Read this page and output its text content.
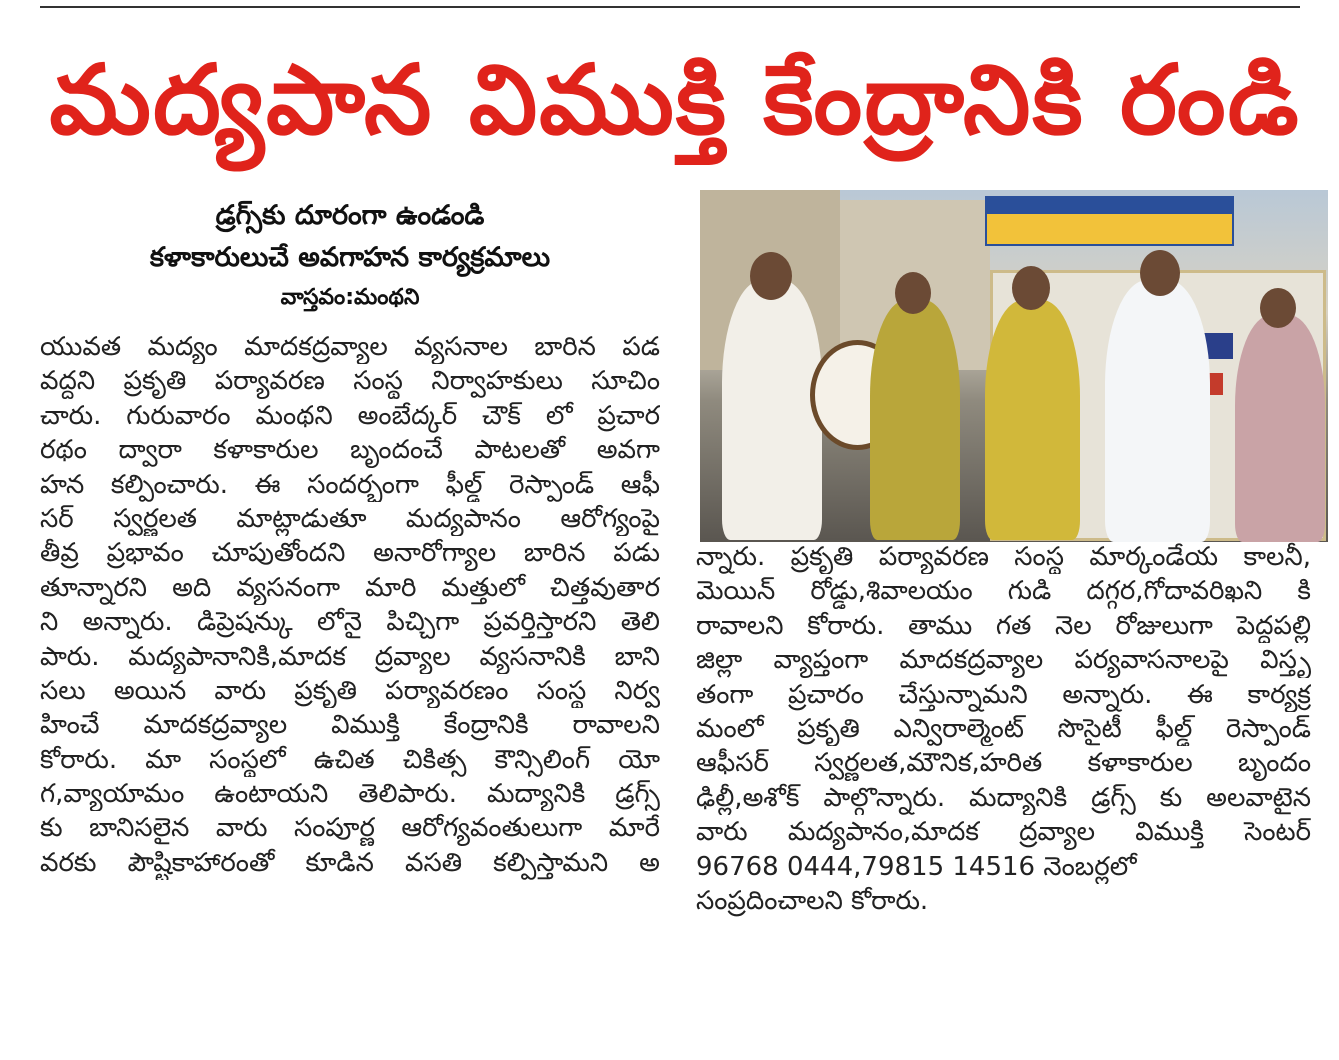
మద్యపాన విముక్తి కేంద్రానికి రండి
డ్రగ్స్‌కు దూరంగా ఉండండి
కళాకారులుచే అవగాహన కార్యక్రమాలు
వాస్తవం:మంథని
యువత మద్యం మాదకద్రవ్యాల వ్యసనాల బారిన పడ
వద్దని ప్రకృతి పర్యావరణ సంస్థ నిర్వాహకులు సూచిం
చారు. గురువారం మంథని అంబేద్కర్ చౌక్ లో ప్రచార
రథం ద్వారా కళాకారుల బృందంచే పాటలతో అవగా
హన కల్పించారు. ఈ సందర్భంగా ఫీల్డ్ రెస్పాండ్ ఆఫీ
సర్ స్వర్ణలత మాట్లాడుతూ మద్యపానం ఆరోగ్యంపై
తీవ్ర ప్రభావం చూపుతోందని అనారోగ్యాల బారిన పడు
తూన్నారని అది వ్యసనంగా మారి మత్తులో చిత్తవుతార
ని అన్నారు. డిప్రెషన్కు లోనై పిచ్చిగా ప్రవర్తిస్తారని తెలి
పారు. మద్యపానానికి,మాదక ద్రవ్యాల వ్యసనానికి బాని
సలు అయిన వారు ప్రకృతి పర్యావరణం సంస్థ నిర్వ
హించే మాదకద్రవ్యాల విముక్తి కేంద్రానికి రావాలని
కోరారు. మా సంస్థలో ఉచిత చికిత్స కౌన్సిలింగ్ యో
గ,వ్యాయామం ఉంటాయని తెలిపారు. మద్యానికి డ్రగ్స్
కు బానిసలైన వారు సంపూర్ణ ఆరోగ్యవంతులుగా మారే
వరకు పౌష్టికాహారంతో కూడిన వసతి కల్పిస్తామని అ
న్నారు. ప్రకృతి పర్యావరణ సంస్థ మార్కండేయ కాలనీ,
మెయిన్ రోడ్డు,శివాలయం గుడి దగ్గర,గోదావరిఖని కి
రావాలని కోరారు. తాము గత నెల రోజులుగా పెద్దపల్లి
జిల్లా వ్యాప్తంగా మాదకద్రవ్యాల పర్యవాసనాలపై విస్తృ
తంగా ప్రచారం చేస్తున్నామని అన్నారు. ఈ కార్యక్ర
మంలో ప్రకృతి ఎన్విరాల్మెంట్ సొసైటీ ఫీల్డ్ రెస్పాండ్
ఆఫీసర్ స్వర్ణలత,మౌనిక,హరిత కళాకారుల బృందం
ఢిల్లీ,అశోక్ పాల్గొన్నారు. మద్యానికి డ్రగ్స్ కు అలవాటైన
వారు మద్యపానం,మాదక ద్రవ్యాల విముక్తి సెంటర్
96768 0444,79815 14516 నెంబర్లలో
సంప్రదించాలని కోరారు.
